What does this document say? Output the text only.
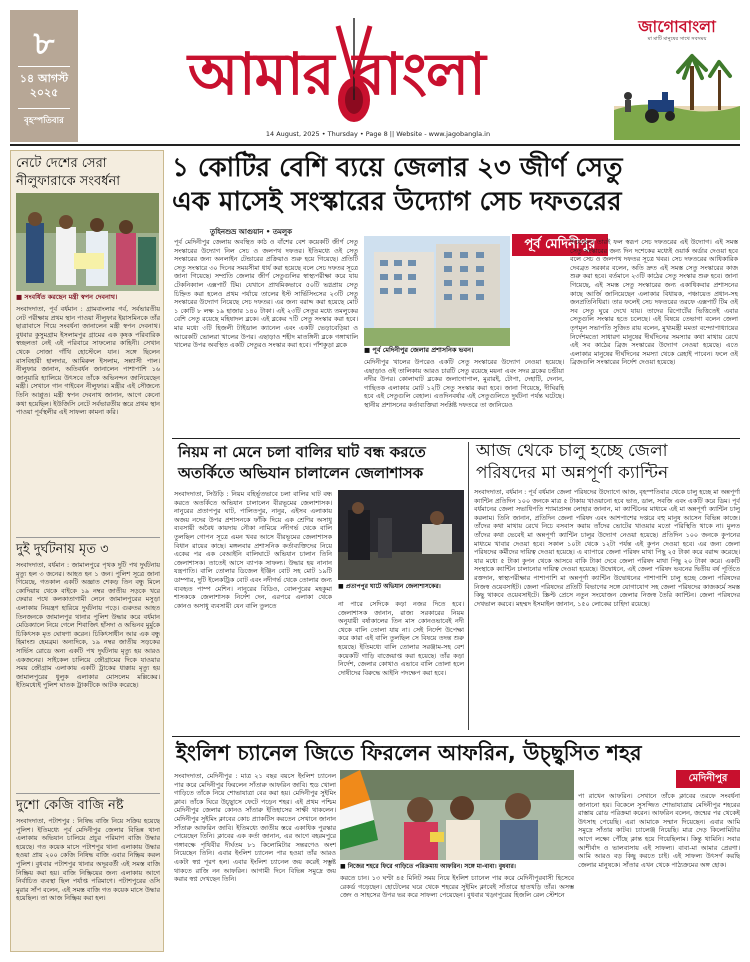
৮
১৪ আগস্ট ২০২৫
বৃহস্পতিবার
আমার বাংলা
14 August, 2025 • Thursday • Page 8 || Website - www.jagobangla.in
জাগোবাংলা
মা মাটি মানুষের সাথে সবসময়
নেটে দেশের সেরা
নীলুফারাকে সংবর্ধনা
■ সংবর্ধিত করছেন মন্ত্রী স্বপন দেবনাথ।
সংবাদদাতা, পূর্ব বর্ধমান : গ্রামবাংলার গর্ব, সর্বভারতীয় নেট পরীক্ষায় প্রথম স্থান পাওয়া নীলুফার ইয়াসমিনকে তাঁর ছাত্রাবাসে গিয়ে সংবর্ধনা জানালেন মন্ত্রী স্বপন দেবনাথ। বুধবার কুসুমগ্রাম ইসলামপুর গ্রামের এক কৃষক পরিবারিক স্বচ্ছলতা নেই এই পরিবারে সাফল্যের কাহিনী। সেখান থেকে সোজা গাঁথি হোস্টেলে যান। সঙ্গে ছিলেন রাসবিহারী হালদার, আমিরুল ইসলাম, সন্ন্যাসী পাল। নীলুফার জানান, অতিবর্ধন জানালেন পাশাপাশি ১৬ জানুয়ারি হ্যালিয়ে উৎসবে তাঁকে অভিনন্দন জানিয়েছেন মন্ত্রী। সেখানে গান গাইবেন নীলুফার। মন্ত্রীর এই সৌজন্যে তিনি আপ্লুত। মন্ত্রী স্বপন দেবনাথ জানান, আগে কেনো কথা হয়েছিল। ইউজিসি নেটে সর্বভারতীয় স্তরে প্রথম স্থান পাওয়া পূর্বস্থলীর এই সাফল্য কামনা করি।
দুই দুর্ঘটনায় মৃত ৩
সংবাদদাতা, বর্ধমান : জামালপুরে পৃথক দুটি পথ দুর্ঘটনায় মৃত্যু হল ৩ জনের। আহত হন ১ জন। পুলিশ সূত্রে জানা গিয়েছে, গতকাল একটি অজ্ঞাত শেকড় তিন বন্ধু মিলে কোদিয়ায় থেকে বাইকে ১৯ নম্বর জাতীয় সড়কে খরে ফেরার পথে কলকাতাগামী লেনে জামালপুরের মসুড়া এলাকায় নিয়ন্ত্রণ হারিয়ে দুর্ঘটনায় পড়ে। গুরুতর আহত তিনজনকে জামালপুর থানার পুলিশ উদ্ধার করে বর্ধমান মেডিক্যালে নিয়ে গেলে শিবাজিৎ হাঁসদা ও অভিনব মুর্মুকে চিকিৎসক মৃত ঘোষণা করেন। চিকিৎসাধীন আর এক বন্ধু হিমাংশু হেমব্রম। অন্যদিকে, ১৯ নম্বর জাতীয় সড়কের সার্ভিস রোডে অন্য একটি পথ দুর্ঘটনায় মৃত্যু হয় আরও একজনের। সাইকেল চালিয়ে জৌগ্রামের দিকে যাওয়ার সময় জৌগ্রাম এলাকায় একটি ট্রাকের ধাক্কায় মৃত্যু হয় জামালপুরের ধুলুক এলাকার মোসলেম মল্লিকের। ইতিমধ্যেই পুলিশ ঘাতক ট্রাকটিকে আটক করেছে।
দুশো কেজি বাজি নষ্ট
সংবাদদাতা, পটাশপুর : নিষিদ্ধ বাজি নিয়ে সক্রিয় হয়েছে পুলিশ। ইতিমধ্যে পূর্ব মেদিনীপুর জেলার বিভিন্ন থানা এলাকায় অভিযান চালিয়ে প্রচুর পরিমাণ বাজি উদ্ধার হয়েছে। গত কয়েক মাসে পটাশপুর থানা এলাকায় উদ্ধার হওয়া প্রায় ২০০ কেজি নিষিদ্ধ বাজি এবার নিষ্ক্রিয় করল পুলিশ। বুধবার পটাশপুর থানার অদূরবর্তী এই সমস্ত বাজি নিষ্ক্রিয় করা হয়। বাজি নিষ্ক্রিয়ের জন্য এলাকায় আগে নির্বাচিত ব্যবস্থা ছিল পর্যাপ্ত পরিমাণে। পটাশপুরের ওসি মুরার সাঁপ বলেন, এই সমস্ত বাজি গত কয়েক মাসে উদ্ধার হয়েছিল। তা আজ নিষ্ক্রিয় করা হল।
১ কোটির বেশি ব্যয়ে জেলার ২৩ জীর্ণ সেতু
এক মাসেই সংস্কারের উদ্যোগ সেচ দফতরের
তুহিনশুভ্র আগুয়ান • তমলুক
পূর্ব মেদিনীপুর জেলায় অবস্থিত কাঠ ও বাঁশের বেশ কয়েকটি জীর্ণ সেতু সংস্কারের উদ্যোগ নিল সেচ ও জলপথ দফতর। ইতিমধ্যে ওই সেতু সংস্কারের জন্য অনলাইন টেন্ডারের প্রক্রিয়াও শুরু হয়ে গিয়েছে। প্রতিটি সেতু সংস্কারে ৩০ দিনের সময়সীমা ধার্য করা হয়েছে বলে সেচ দফতর সূত্রে জানা গিয়েছে। সম্প্রতি জেলার জীর্ণ সেতুগুলির স্বাস্থ্যপরীক্ষা করে যায় টেকনিক্যাল এক্সপার্ট টিম। যেখানে প্রাথমিকভাবে ৫০টি ভগ্নপ্রায় সেতু চিহ্নিত করা হলেও প্রথম পর্যায়ে তালের ইস্ট সার্ভিসিংসের ২৩টি সেতু সংস্কারের উদ্যোগ নিয়েছে সেচ দফতর। এর জন্য বরাদ্দ করা হয়েছে মোট ১ কোটি ৮ লক্ষ ১৯ হাজার ১৪০ টাকা। এই ২৩টি সেতুর মধ্যে তমলুকের বেশি সেতু রয়েছে মহিষাদল ব্লকে। এই ব্লকের ৭টি সেতু সংস্কার করা হবে। মার মধ্যে ৩টি হিজলী টাইডাল ক্যানেল এবং একটি ভেড়াবেড়িয়া ও আরেকটি ভোলরা খালের উপর। এছাড়াও শহীদ মাতঙ্গিনী ব্লকে গঙ্গাখালি খালের উপর অবস্থিত একটি সেতুর‌ও সংস্কার করা হবে। পাঁশকুড়া ব্লকে
■ পূর্ব মেদিনীপুর জেলার প্রশাসনিক ভবন।
পূর্ব মেদিনীপুর
মেদিনীপুর খালের উপরেও একটি সেতু সংস্কারের উদ্যোগ নেওয়া হয়েছে। এছাড়াও ওই তালিকায় আরও চারটি সেতু রয়েছে ময়না এবং সদর ব্লকের চন্ডীয়া নদীর উপর। কোলাঘাট ব্লকের জলাগোপাল, মুরারই, টোপা, দেহাটি, দেনান, গাছিতক এলাকায় মোট ১২টি সেতু সংস্কার করা হবে। জানা গিয়েছে, দীঘিরহি হবে এই সেতুগুলি বেহাল। এতদিনবর্ষার এই সেতুগুলিতে দুর্ঘটনা পর্যন্ত ঘটেছে। স্থানীয় প্রশাসনের কর্তাব্যক্তিরা সংশ্লিষ্ট দফতরে তা জানিয়েও
দিয়েছেন। তারই ফল স্বরূপ সেচ দফতরের এই উদ্যোগ। এই সমস্ত সেতু সংস্কারের জন্য দিন দশেকের মধ্যেই ওয়ার্ক অর্ডার দেওয়া হবে বলে সেচ ও জলপথ দফতর সূত্রে খবর। সেচ দফতরের আধিকারিক দেবব্রত সরকার বলেন, অতি দ্রুত এই সমস্ত সেতু সংস্কারের কাজ শুরু করা হবে। বর্তমানে ২৩টি কাঠের সেতু সংস্কার শুরু হবে। জানা গিয়েছে, এই সমস্ত সেতু সংস্কারের জন্য একাধিকবার প্রশাসনের কাছে আর্জি জানিয়েছেন এলাকার বিধায়ক, পঞ্চায়েত প্রধান-সহ জনপ্রতিনিধিরা। তার ফলেই সেচ দফতরের তরফে এক্সপার্ট টিম ওই সব সেতু ঘুরে দেখে যায়। তাদের রিপোর্টের ভিত্তিতেই এবার সেতুগুলি সংস্কার হতে চলেছে। এই বিষয়ে তেভাগা বলেন জেলা তৃণমূল সভাপতি সুজিত রায় বলেন, মুখ্যমন্ত্রী মমতা বন্দ্যোপাধ্যায়ের নির্দেশমতো সাধারণ মানুষের দীর্ঘদিনের সমস্যার কথা মাথায় রেখে এই সব কাঠের ব্রিজ সংস্কারের উদ্যোগ নেওয়া হয়েছে। এতে এলাকার মানুষের দীর্ঘদিনের সমস্যা থেকে রেহাই পাবেন। ফলে ওই ব্রিজগুলি সংস্কারের নির্দেশ দেওয়া হয়েছে।
নিয়ম না মেনে চলা বালির ঘাট বন্ধ করতে
অতর্কিতে অভিযান চালালেন জেলাশাসক
সংবাদদাতা, সিউড়ি : নিয়ম বহির্ভূতভাবে চলা বালির ঘাট বন্ধ করতে অতর্কিতে অভিযান চালালেন বীরভূমের জেলাশাসক। নানুরের প্রতাপপুর ঘাট, পালিতপুর, নানুর, এইসব এলাকায় অজয় নদের উপর প্রশাসনকে ফাঁকি দিয়ে এক শ্রেণির অসাধু ব্যবসায়ী অবৈধ কায়দায় নৌকা নামিয়ে নদীগর্ভ থেকে বালি তুলছিল গোপন সূত্রে এমন খবর আসে বীরভূমের জেলাশাসক বিধান রায়ের কাছে। মঙ্গলবার প্রশাসনিক কর্তাব্যক্তিদের নিয়ে একের পর এক বেআইনি বালিঘাটে অভিযান চালান তিনি জেলাশাসক। তাতেই আসে ব্যাপক সাফল্য। উদ্ধার হয় নানান যন্ত্রপাতি। বালি তোলার ডিজেল ইঞ্জিন বোট সহ মোট ১৯টি ডাম্পার, দুটি ইলেকট্রিক বোট এবং নদীগর্ভ থেকে তোলার জন্য ব্যবহৃত পাম্প মেশিন। নানুরের বিডিও, বোলপুরের মহকুমা শাসককে জেলাশাসক নির্দেশ দেন, এরপরে এলাকা থেকে কোনও অসাধু ব্যবসায়ী যেন বালি তুলতে
■ প্রতাপপুর ঘাটে অভিযান জেলাশাসকের।
না পারে সেদিকে কড়া নজর দিতে হবে। জেলাশাসক জানান, রাজ্য সরকারের নিয়ম অনুযায়ী বর্ষাকালের তিন মাস কোনওভাবেই নদী থেকে বালি তোলা যায় না। সেই নির্দেশ উপেক্ষা করে কারা এই বালি তুলছিল সে বিষয়ে তদন্ত শুরু হয়েছে। ইতিমধ্যে বালি তোলার সরঞ্জাম-সহ বেশ কয়েকটি গাড়ি বাজেয়াপ্ত করা হয়েছে। তাঁর কড়া নির্দেশ, জেলার কোথাও এভাবে বালি তোলা হলে দোষীদের বিরুদ্ধে আইনি পদক্ষেপ করা হবে।
আজ থেকে চালু হচ্ছে জেলা
পরিষদের মা অন্নপূর্ণা ক্যান্টিন
সংবাদদাতা, বর্ধমান : পূর্ব বর্ধমান জেলা পরিষদের উদ্যোগে আজ, বৃহস্পতিবার থেকে চালু হচ্ছে মা অন্নপূর্ণা ক্যান্টিন প্রতিদিন ১০০ জনকে মাত্র ৫ টাকায় খাওয়ানো হবে ভাত, ডাল, সবজি এবং একটি করে ডিম। পূর্ব বর্ধমানের জেলা সভাধিপতি শ্যামাপ্রসন্ন লোহার জানান, মা ক্যান্টিনের মাধ্যমে এই মা অন্নপূর্ণা ক্যান্টিন চালু করলাম। তিনি জানান, প্রতিদিন জেলা পরিষদ এবং আশপাশের দপ্তরে বহু মানুষ আসেন বিভিন্ন কাজে। তাঁদের কথা মাথায় রেখে নিচে বসবাস করায় তাঁদের ভোটের খাওয়ার মতো পরিস্থিতি থাকে না। মুলত তাঁদের কথা ভেবেই মা অন্নপূর্ণা ক্যান্টিন চালুর উদ্যোগ নেওয়া হয়েছে। প্রতিদিন ১০০ জনকে কুপনের মাধ্যমে খাবার দেওয়া হবে। সকাল ১০টা থেকে ১২টা পর্যন্ত এই কুপন দেওয়া হবে। এর জন্য জেলা পরিষদের কর্মীদের দায়িত্ব দেওয়া হয়েছে। এ ব্যাপারে জেলা পরিষদ মাথা পিছু ২৫ টাকা করে বরাদ্দ করেছে। যার মধ্যে ৫ টাকা কুপন থেকে আসবে বাকি টাকা দেবে জেলা পরিষদ মাথা পিছু ২০ টাকা করে। একটি সংস্থাকে ক্যান্টিন চালানোর দায়িত্ব দেওয়া হয়েছে। উদ্বোধনে, এই জেলা পরিষদ ভবনের দ্বিতীয় বর্ষ পূর্তিতে রক্তদান, স্বাস্থ্যপরীক্ষার পাশাপাশি মা অন্নপূর্ণা ক্যান্টিন উদ্বোধনের পাশাপাশি চালু হচ্ছে জেলা পরিষদের নিজস্ব ওয়েবসাইট। জেলা পরিষদের প্রতিটি বিভাগের সঙ্গে যোগাযোগ সহ জেলা পরিষদের কাজকর্মে সমস্ত কিছু থাকবে ওয়েবসাইটে। স্ক্রিপ্ট প্রেসে নতুন সংযোজন জেলার নিজস্ব তৈরি ক্যান্টিন। জেলা পরিষদের দেখভাল করবে। মহম্মদ ইসমাইল জানান, ১৫০ লোকের চাহিদা রয়েছে।
ইংলিশ চ্যানেল জিতে ফিরলেন আফরিন, উচ্ছ্বসিত শহর
সংবাদদাতা, মেদিনীপুর : মাত্র ২১ বছর বয়সে ইংলিশ চ্যানেল পার করে মেদিনীপুর ফিরলেন সাঁতারু আফরিন জাবি। হুড খোলা গাড়িতে তাঁকে নিয়ে শোভাযাত্রা বের করা হয়। মেদিনীপুর সুইমিং ক্লাব। তাঁকে ঘিরে উচ্ছ্বাসে ফেটে পড়েন শহর। এই প্রথম পশ্চিম মেদিনীপুর জেলার কোনও সাঁতারু ইতিহাসের সাক্ষী থাকলেন। মেদিনীপুর সুইমিং ক্লাবের কোচ প্র্যাকটিস করতেন সেখানে জানান সাঁতারু আফরিন জাবি। ইতিমধ্যে জাতীয় স্তরে একাধিক পুরস্কার পেয়েছেন তিনি। ক্লাবের এক কর্তা জানান, এর আগে বহরমপুরে গঙ্গাবক্ষে পৃথিবীর দীর্ঘতম ৮১ কিলোমিটার সন্তরণেও অংশ নিয়েছেন তিনি। এবার ইংলিশ চ্যানেল পার হওয়া তাঁর আরও একটা স্বপ্ন পূরণ হল। এবার ইংলিশ চ্যানেল জয় করেই সম্ভুষ্ট থাকতে রাজি নন আফরিন। আগামী দিনে বিভিন্ন সমুদ্রে জয় করার স্বপ্ন দেখছেন তিনি।
■ নিজের শহরে ফিরে গাড়িতে পরিক্রমায় আফরিন। সঙ্গে মা-বাবা। বুধবার।
মেদিনীপুর
করতে চান। ১৩ ঘণ্টা ৪৫ মিনিট সময় নিয়ে ইংলিশ চ্যানেল পার করে মেদিনীপুরবাসী হিসেবে রেকর্ড গড়েছেন। হোটেলের ঘরে থেকে শহরের সুইমিং ক্লাবেই সাঁতারে হাতখড়ি তাঁর। অসম্ভ জেদ ও সাহসের উপর ভর করে সাফল্য পেয়েছেন। বুধবার খড়্গপুরের হিজলি রেল স্টেশনে
পা রাখেন আফরিন। সেখানে তাঁকে ক্লাবের তরফে সংবর্ধনা জানানো হয়। বিকেলে সুসজ্জিত শোভাযাত্রায় মেদিনীপুর শহরের রাস্তায় রোড পরিক্রমা করেন। আফরিন বলেন, জন্মের পর থেকেই উৎসাহ পেয়েছি। এরা আমাকে সম্মান দিয়েছেন। এবার আমি সমুদ্রে সাঁতার কাটব। চ্যালেঞ্জ নিয়েছি। মাত্র দেড় কিলোমিটার আগে লক্ষ্যে পৌঁছে ক্লান্ত হয়ে গিয়েছিলাম। কিন্তু থামিনি। সবার আশীর্বাদ ও ভালবাসায় এই সাফল্য। বাবা-মা আমার প্রেরণা। আমি আরও বড় কিছু করতে চাই। এই সাফল্য উৎসর্গ করছি জেলার মানুষকে। সাঁতার এখন থেকে পাঠ্যক্রমের অঙ্গ হোক।
